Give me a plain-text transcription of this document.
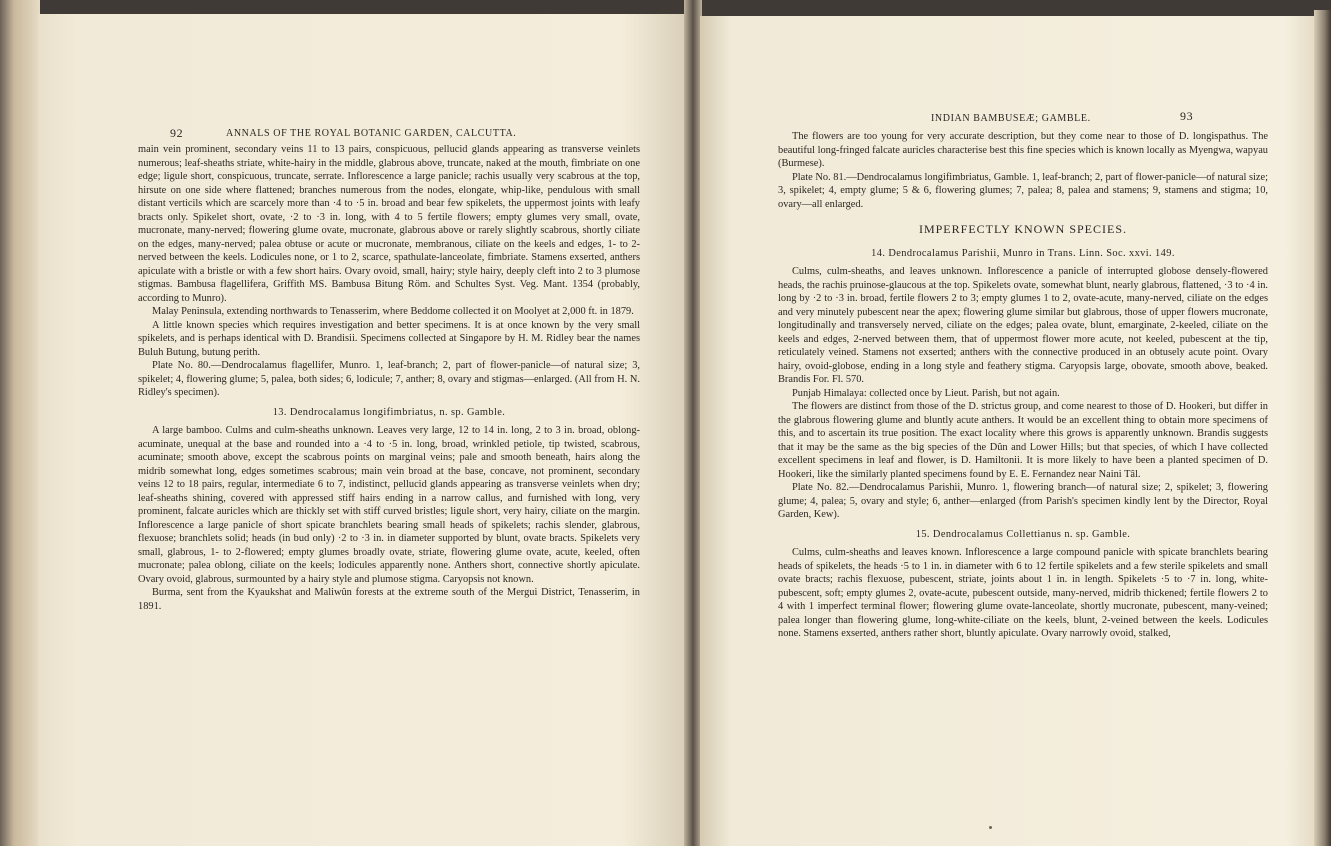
92	ANNALS OF THE ROYAL BOTANIC GARDEN, CALCUTTA.

main vein prominent, secondary veins 11 to 13 pairs, conspicuous, pellucid glands appearing as transverse veinlets numerous; leaf-sheaths striate, white-hairy in the middle, glabrous above, truncate, naked at the mouth, fimbriate on one edge; ligule short, conspicuous, truncate, serrate. Inflorescence a large panicle; rachis usually very scabrous at the top, hirsute on one side where flattened; branches numerous from the nodes, elongate, whip-like, pendulous with small distant verticils which are scarcely more than ·4 to ·5 in. broad and bear few spikelets, the uppermost joints with leafy bracts only. Spikelet short, ovate, ·2 to ·3 in. long, with 4 to 5 fertile flowers; empty glumes very small, ovate, mucronate, many-nerved; flowering glume ovate, mucronate, glabrous above or rarely slightly scabrous, shortly ciliate on the edges, many-nerved; palea obtuse or acute or mucronate, membranous, ciliate on the keels and edges, 1- to 2-nerved between the keels. Lodicules none, or 1 to 2, scarce, spathulate-lanceolate, fimbriate. Stamens exserted, anthers apiculate with a bristle or with a few short hairs. Ovary ovoid, small, hairy; style hairy, deeply cleft into 2 to 3 plumose stigmas. Bambusa flagellifera, Griffith MS. Bambusa Bitung Röm. and Schultes Syst. Veg. Mant. 1354 (probably, according to Munro).

Malay Peninsula, extending northwards to Tenasserim, where Beddome collected it on Moolyet at 2,000 ft. in 1879.

A little known species which requires investigation and better specimens. It is at once known by the very small spikelets, and is perhaps identical with D. Brandisii. Specimens collected at Singapore by H. M. Ridley bear the names Buluh Butung, butung perith.

Plate No. 80.—Dendrocalamus flagellifer, Munro. 1, leaf-branch; 2, part of flower-panicle—of natural size; 3, spikelet; 4, flowering glume; 5, palea, both sides; 6, lodicule; 7, anther; 8, ovary and stigmas—enlarged. (All from H. N. Ridley's specimen).

13. Dendrocalamus longifimbriatus, n. sp. Gamble.

A large bamboo. Culms and culm-sheaths unknown. Leaves very large, 12 to 14 in. long, 2 to 3 in. broad, oblong-acuminate, unequal at the base and rounded into a ·4 to ·5 in. long, broad, wrinkled petiole, tip twisted, scabrous, acuminate; smooth above, except the scabrous points on marginal veins; pale and smooth beneath, hairs along the midrib somewhat long, edges sometimes scabrous; main vein broad at the base, concave, not prominent, secondary veins 12 to 18 pairs, regular, intermediate 6 to 7, indistinct, pellucid glands appearing as transverse veinlets when dry; leaf-sheaths shining, covered with appressed stiff hairs ending in a narrow callus, and furnished with long, very prominent, falcate auricles which are thickly set with stiff curved bristles; ligule short, very hairy, ciliate on the margin. Inflorescence a large panicle of short spicate branchlets bearing small heads of spikelets; rachis slender, glabrous, flexuose; branchlets solid; heads (in bud only) ·2 to ·3 in. in diameter supported by blunt, ovate bracts. Spikelets very small, glabrous, 1- to 2-flowered; empty glumes broadly ovate, striate, flowering glume ovate, acute, keeled, often mucronate; palea oblong, ciliate on the keels; lodicules apparently none. Anthers short, connective shortly apiculate. Ovary ovoid, glabrous, surmounted by a hairy style and plumose stigma. Caryopsis not known.

Burma, sent from the Kyaukshat and Maliwûn forests at the extreme south of the Mergui District, Tenasserim, in 1891.

INDIAN BAMBUSEÆ; GAMBLE.	93

The flowers are too young for very accurate description, but they come near to those of D. longispathus. The beautiful long-fringed falcate auricles characterise best this fine species which is known locally as Myengwa, wapyau (Burmese).

Plate No. 81.—Dendrocalamus longifimbriatus, Gamble. 1, leaf-branch; 2, part of flower-panicle—of natural size; 3, spikelet; 4, empty glume; 5 & 6, flowering glumes; 7, palea; 8, palea and stamens; 9, stamens and stigma; 10, ovary—all enlarged.

IMPERFECTLY KNOWN SPECIES.

14. Dendrocalamus Parishii, Munro in Trans. Linn. Soc. xxvi. 149.

Culms, culm-sheaths, and leaves unknown. Inflorescence a panicle of interrupted globose densely-flowered heads, the rachis pruinose-glaucous at the top. Spikelets ovate, somewhat blunt, nearly glabrous, flattened, ·3 to ·4 in. long by ·2 to ·3 in. broad, fertile flowers 2 to 3; empty glumes 1 to 2, ovate-acute, many-nerved, ciliate on the edges and very minutely pubescent near the apex; flowering glume similar but glabrous, those of upper flowers mucronate, longitudinally and transversely nerved, ciliate on the edges; palea ovate, blunt, emarginate, 2-keeled, ciliate on the keels and edges, 2-nerved between them, that of uppermost flower more acute, not keeled, pubescent at the tip, reticulately veined. Stamens not exserted; anthers with the connective produced in an obtusely acute point. Ovary hairy, ovoid-globose, ending in a long style and feathery stigma. Caryopsis large, obovate, smooth above, beaked. Brandis For. Fl. 570.

Punjab Himalaya: collected once by Lieut. Parish, but not again.

The flowers are distinct from those of the D. strictus group, and come nearest to those of D. Hookeri, but differ in the glabrous flowering glume and bluntly acute anthers. It would be an excellent thing to obtain more specimens of this, and to ascertain its true position. The exact locality where this grows is apparently unknown. Brandis suggests that it may be the same as the big species of the Dûn and Lower Hills; but that species, of which I have collected excellent specimens in leaf and flower, is D. Hamiltonii. It is more likely to have been a planted specimen of D. Hookeri, like the similarly planted specimens found by E. E. Fernandez near Naini Tâl.

Plate No. 82.—Dendrocalamus Parishii, Munro. 1, flowering branch—of natural size; 2, spikelet; 3, flowering glume; 4, palea; 5, ovary and style; 6, anther—enlarged (from Parish's specimen kindly lent by the Director, Royal Garden, Kew).

15. Dendrocalamus Collettianus n. sp. Gamble.

Culms, culm-sheaths and leaves known. Inflorescence a large compound panicle with spicate branchlets bearing heads of spikelets, the heads ·5 to 1 in. in diameter with 6 to 12 fertile spikelets and a few sterile spikelets and small ovate bracts; rachis flexuose, pubescent, striate, joints about 1 in. in length. Spikelets ·5 to ·7 in. long, white-pubescent, soft; empty glumes 2, ovate-acute, pubescent outside, many-nerved, midrib thickened; fertile flowers 2 to 4 with 1 imperfect terminal flower; flowering glume ovate-lanceolate, shortly mucronate, pubescent, many-veined; palea longer than flowering glume, long-white-ciliate on the keels, blunt, 2-veined between the keels. Lodicules none. Stamens exserted, anthers rather short, bluntly apiculate. Ovary narrowly ovoid, stalked,
